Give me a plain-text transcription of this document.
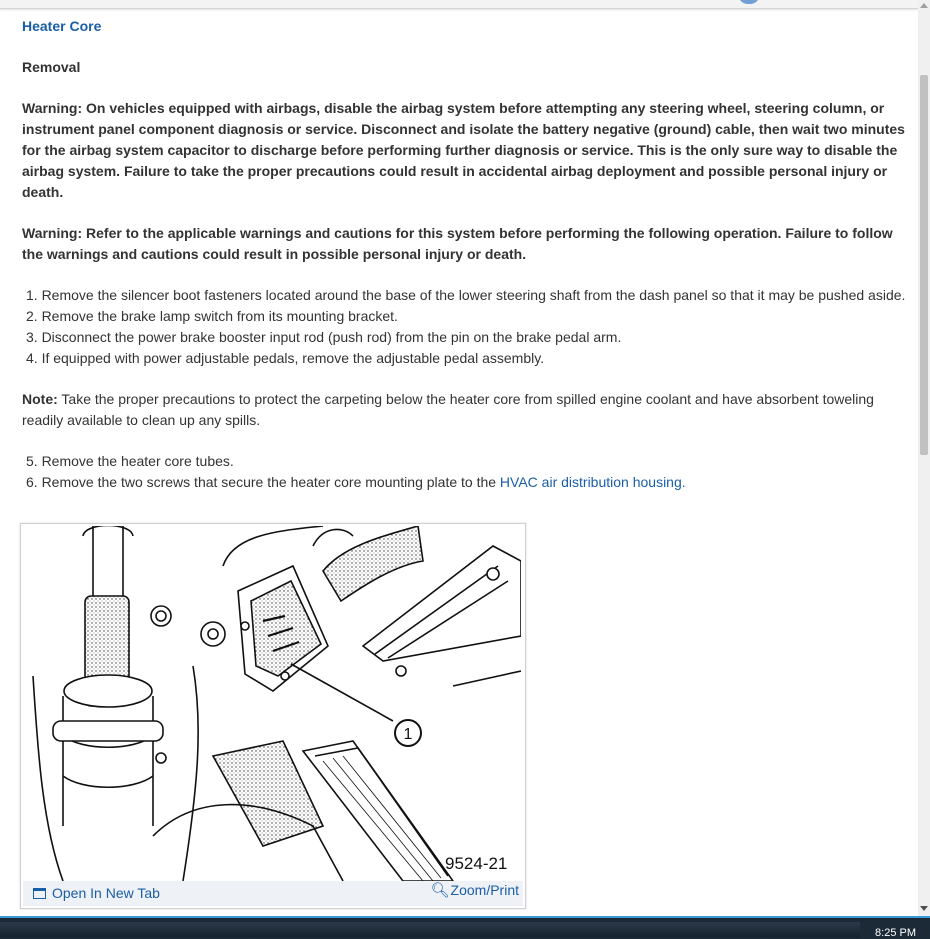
Heater Core
Removal
Warning: On vehicles equipped with airbags, disable the airbag system before attempting any steering wheel, steering column, or instrument panel component diagnosis or service. Disconnect and isolate the battery negative (ground) cable, then wait two minutes for the airbag system capacitor to discharge before performing further diagnosis or service. This is the only sure way to disable the airbag system. Failure to take the proper precautions could result in accidental airbag deployment and possible personal injury or death.
Warning: Refer to the applicable warnings and cautions for this system before performing the following operation. Failure to follow the warnings and cautions could result in possible personal injury or death.
1. Remove the silencer boot fasteners located around the base of the lower steering shaft from the dash panel so that it may be pushed aside.
2. Remove the brake lamp switch from its mounting bracket.
3. Disconnect the power brake booster input rod (push rod) from the pin on the brake pedal arm.
4. If equipped with power adjustable pedals, remove the adjustable pedal assembly.
Note: Take the proper precautions to protect the carpeting below the heater core from spilled engine coolant and have absorbent toweling readily available to clean up any spills.
5. Remove the heater core tubes.
6. Remove the two screws that secure the heater core mounting plate to the HVAC air distribution housing.
1
9524-21
Open In New Tab	🔍︎Zoom/Print
8:25 PM
